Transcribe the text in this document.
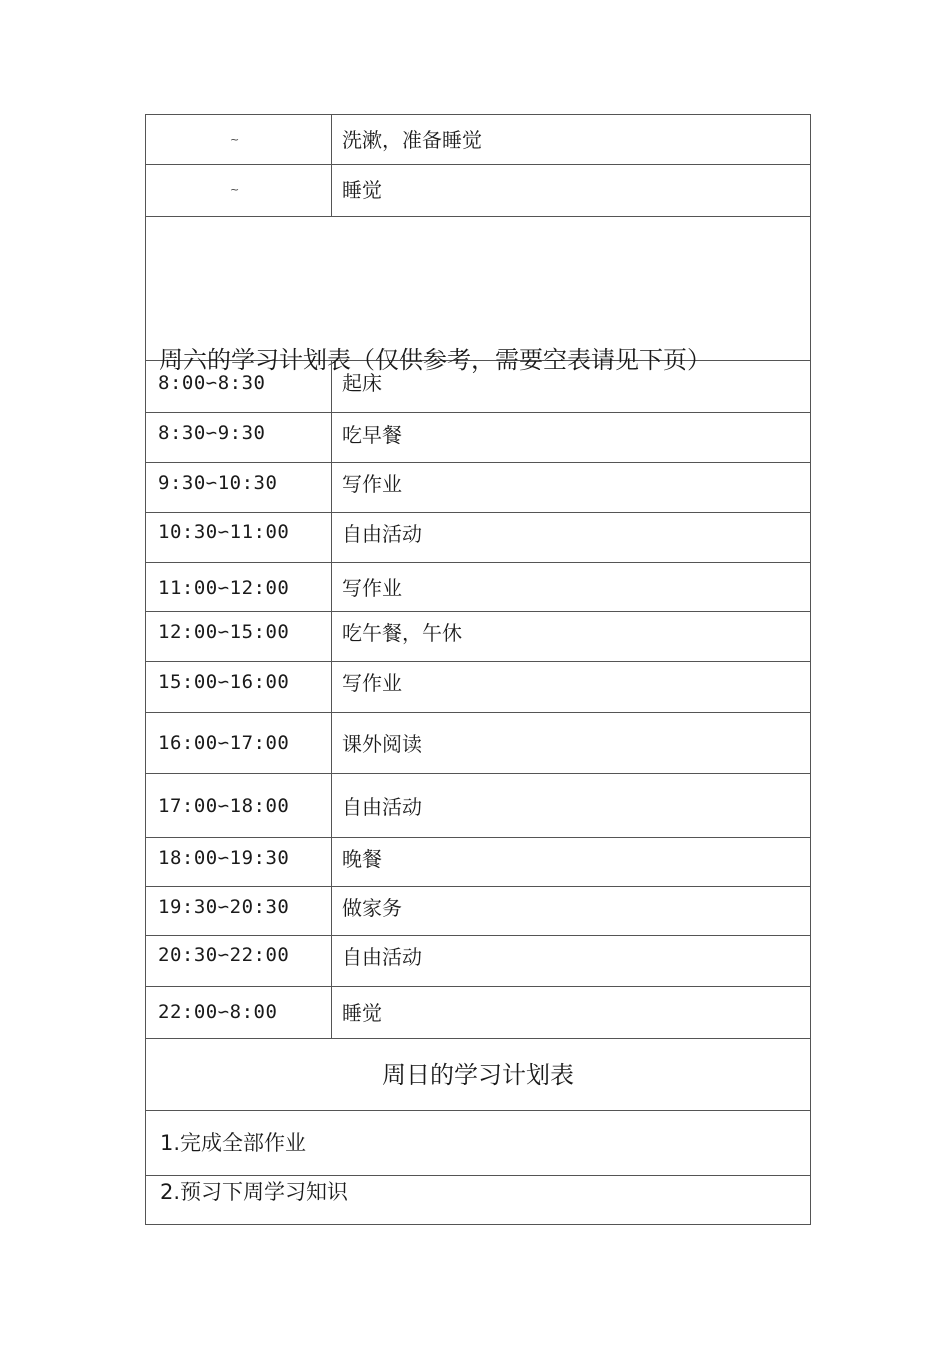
~	洗漱，准备睡觉
~	睡觉
周六的学习计划表（仅供参考，需要空表请见下页）
8:00∽8:30	起床
8:30∽9:30	吃早餐
9:30∽10:30	写作业
10:30∽11:00	自由活动
11:00∽12:00	写作业
12:00∽15:00	吃午餐，午休
15:00∽16:00	写作业
16:00∽17:00	课外阅读
17:00∽18:00	自由活动
18:00∽19:30	晚餐
19:30∽20:30	做家务
20:30∽22:00	自由活动
22:00∽8:00	睡觉
周日的学习计划表
1.完成全部作业
2.预习下周学习知识
